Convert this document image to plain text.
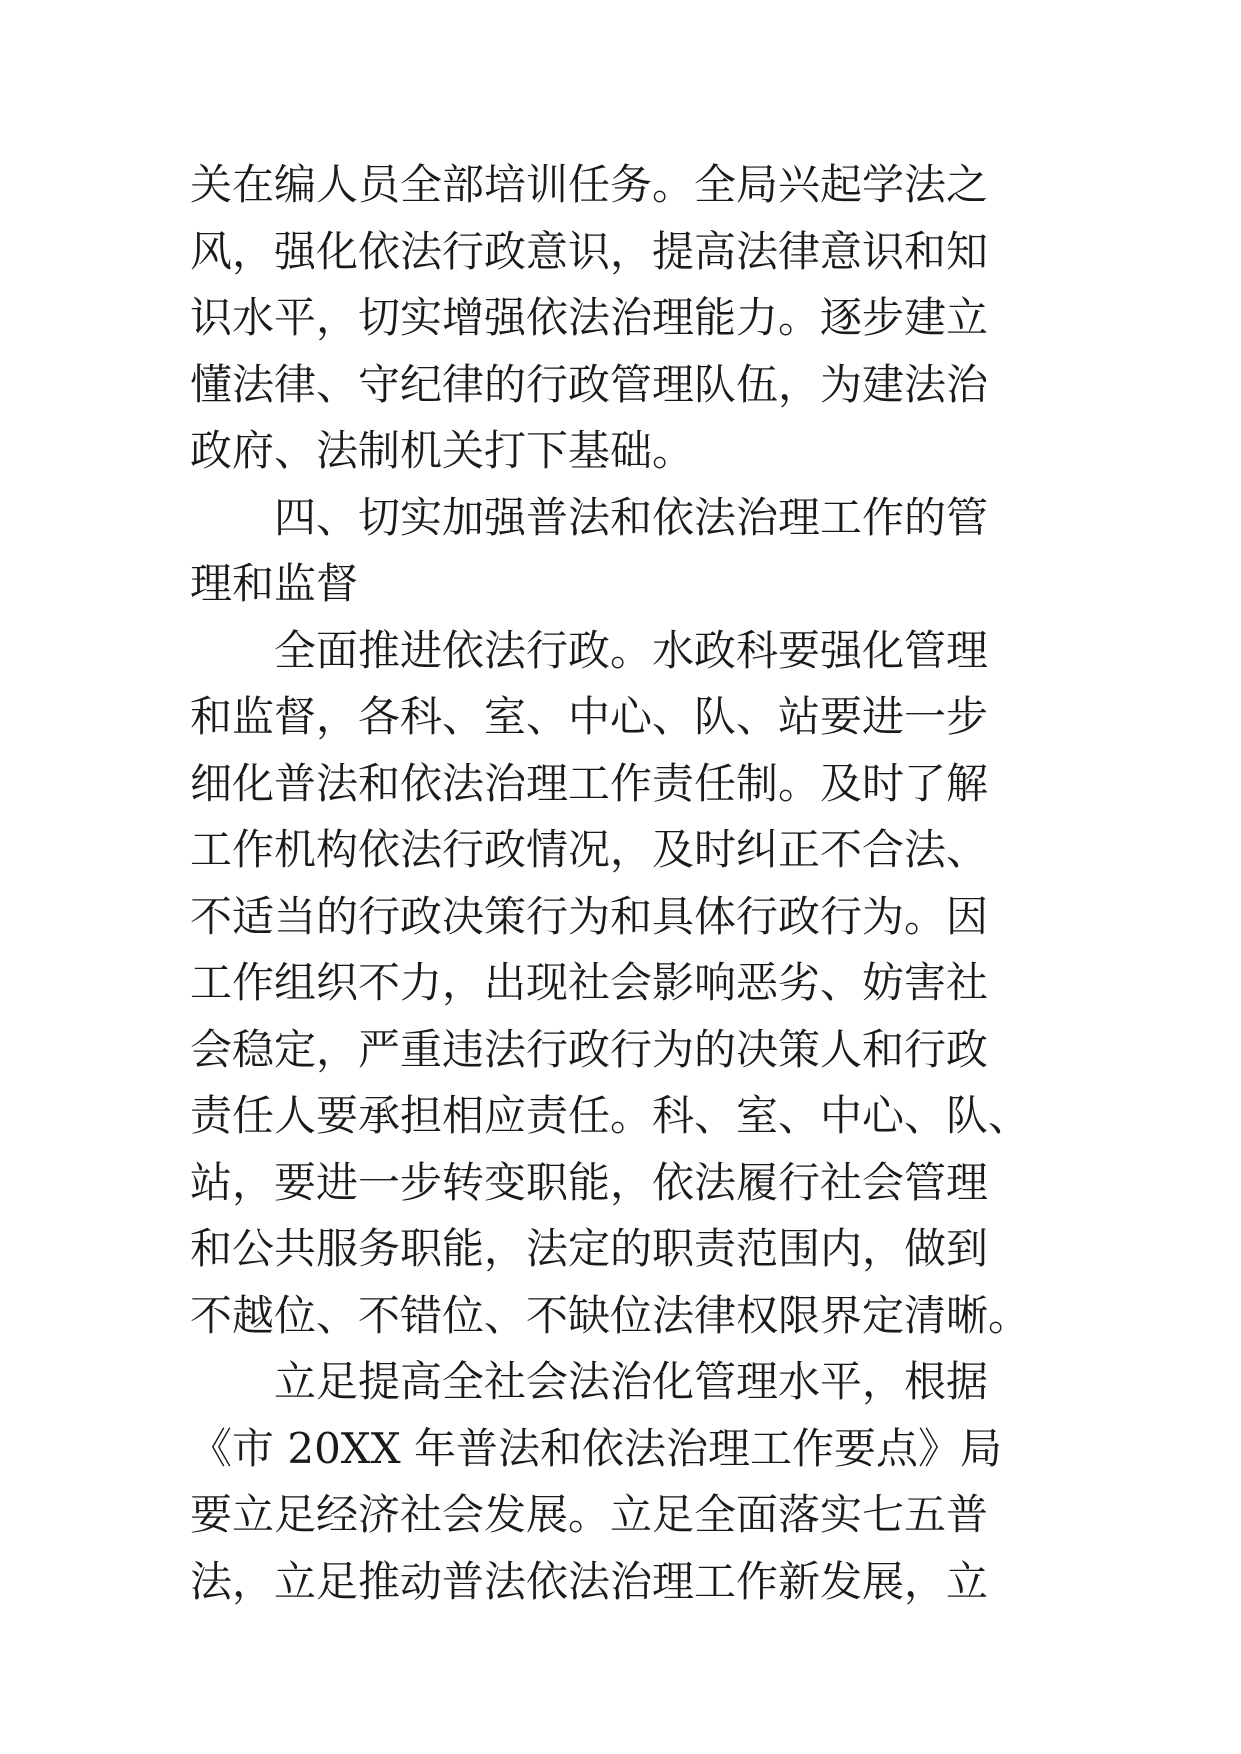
关在编人员全部培训任务。全局兴起学法之
风，强化依法行政意识，提高法律意识和知
识水平，切实增强依法治理能力。逐步建立
懂法律、守纪律的行政管理队伍，为建法治
政府、法制机关打下基础。
四、切实加强普法和依法治理工作的管
理和监督
全面推进依法行政。水政科要强化管理
和监督，各科、室、中心、队、站要进一步
细化普法和依法治理工作责任制。及时了解
工作机构依法行政情况，及时纠正不合法、
不适当的行政决策行为和具体行政行为。因
工作组织不力，出现社会影响恶劣、妨害社
会稳定，严重违法行政行为的决策人和行政
责任人要承担相应责任。科、室、中心、队、
站，要进一步转变职能，依法履行社会管理
和公共服务职能，法定的职责范围内，做到
不越位、不错位、不缺位法律权限界定清晰。
立足提高全社会法治化管理水平，根据
《市 20XX 年普法和依法治理工作要点》局
要立足经济社会发展。立足全面落实七五普
法，立足推动普法依法治理工作新发展，立
